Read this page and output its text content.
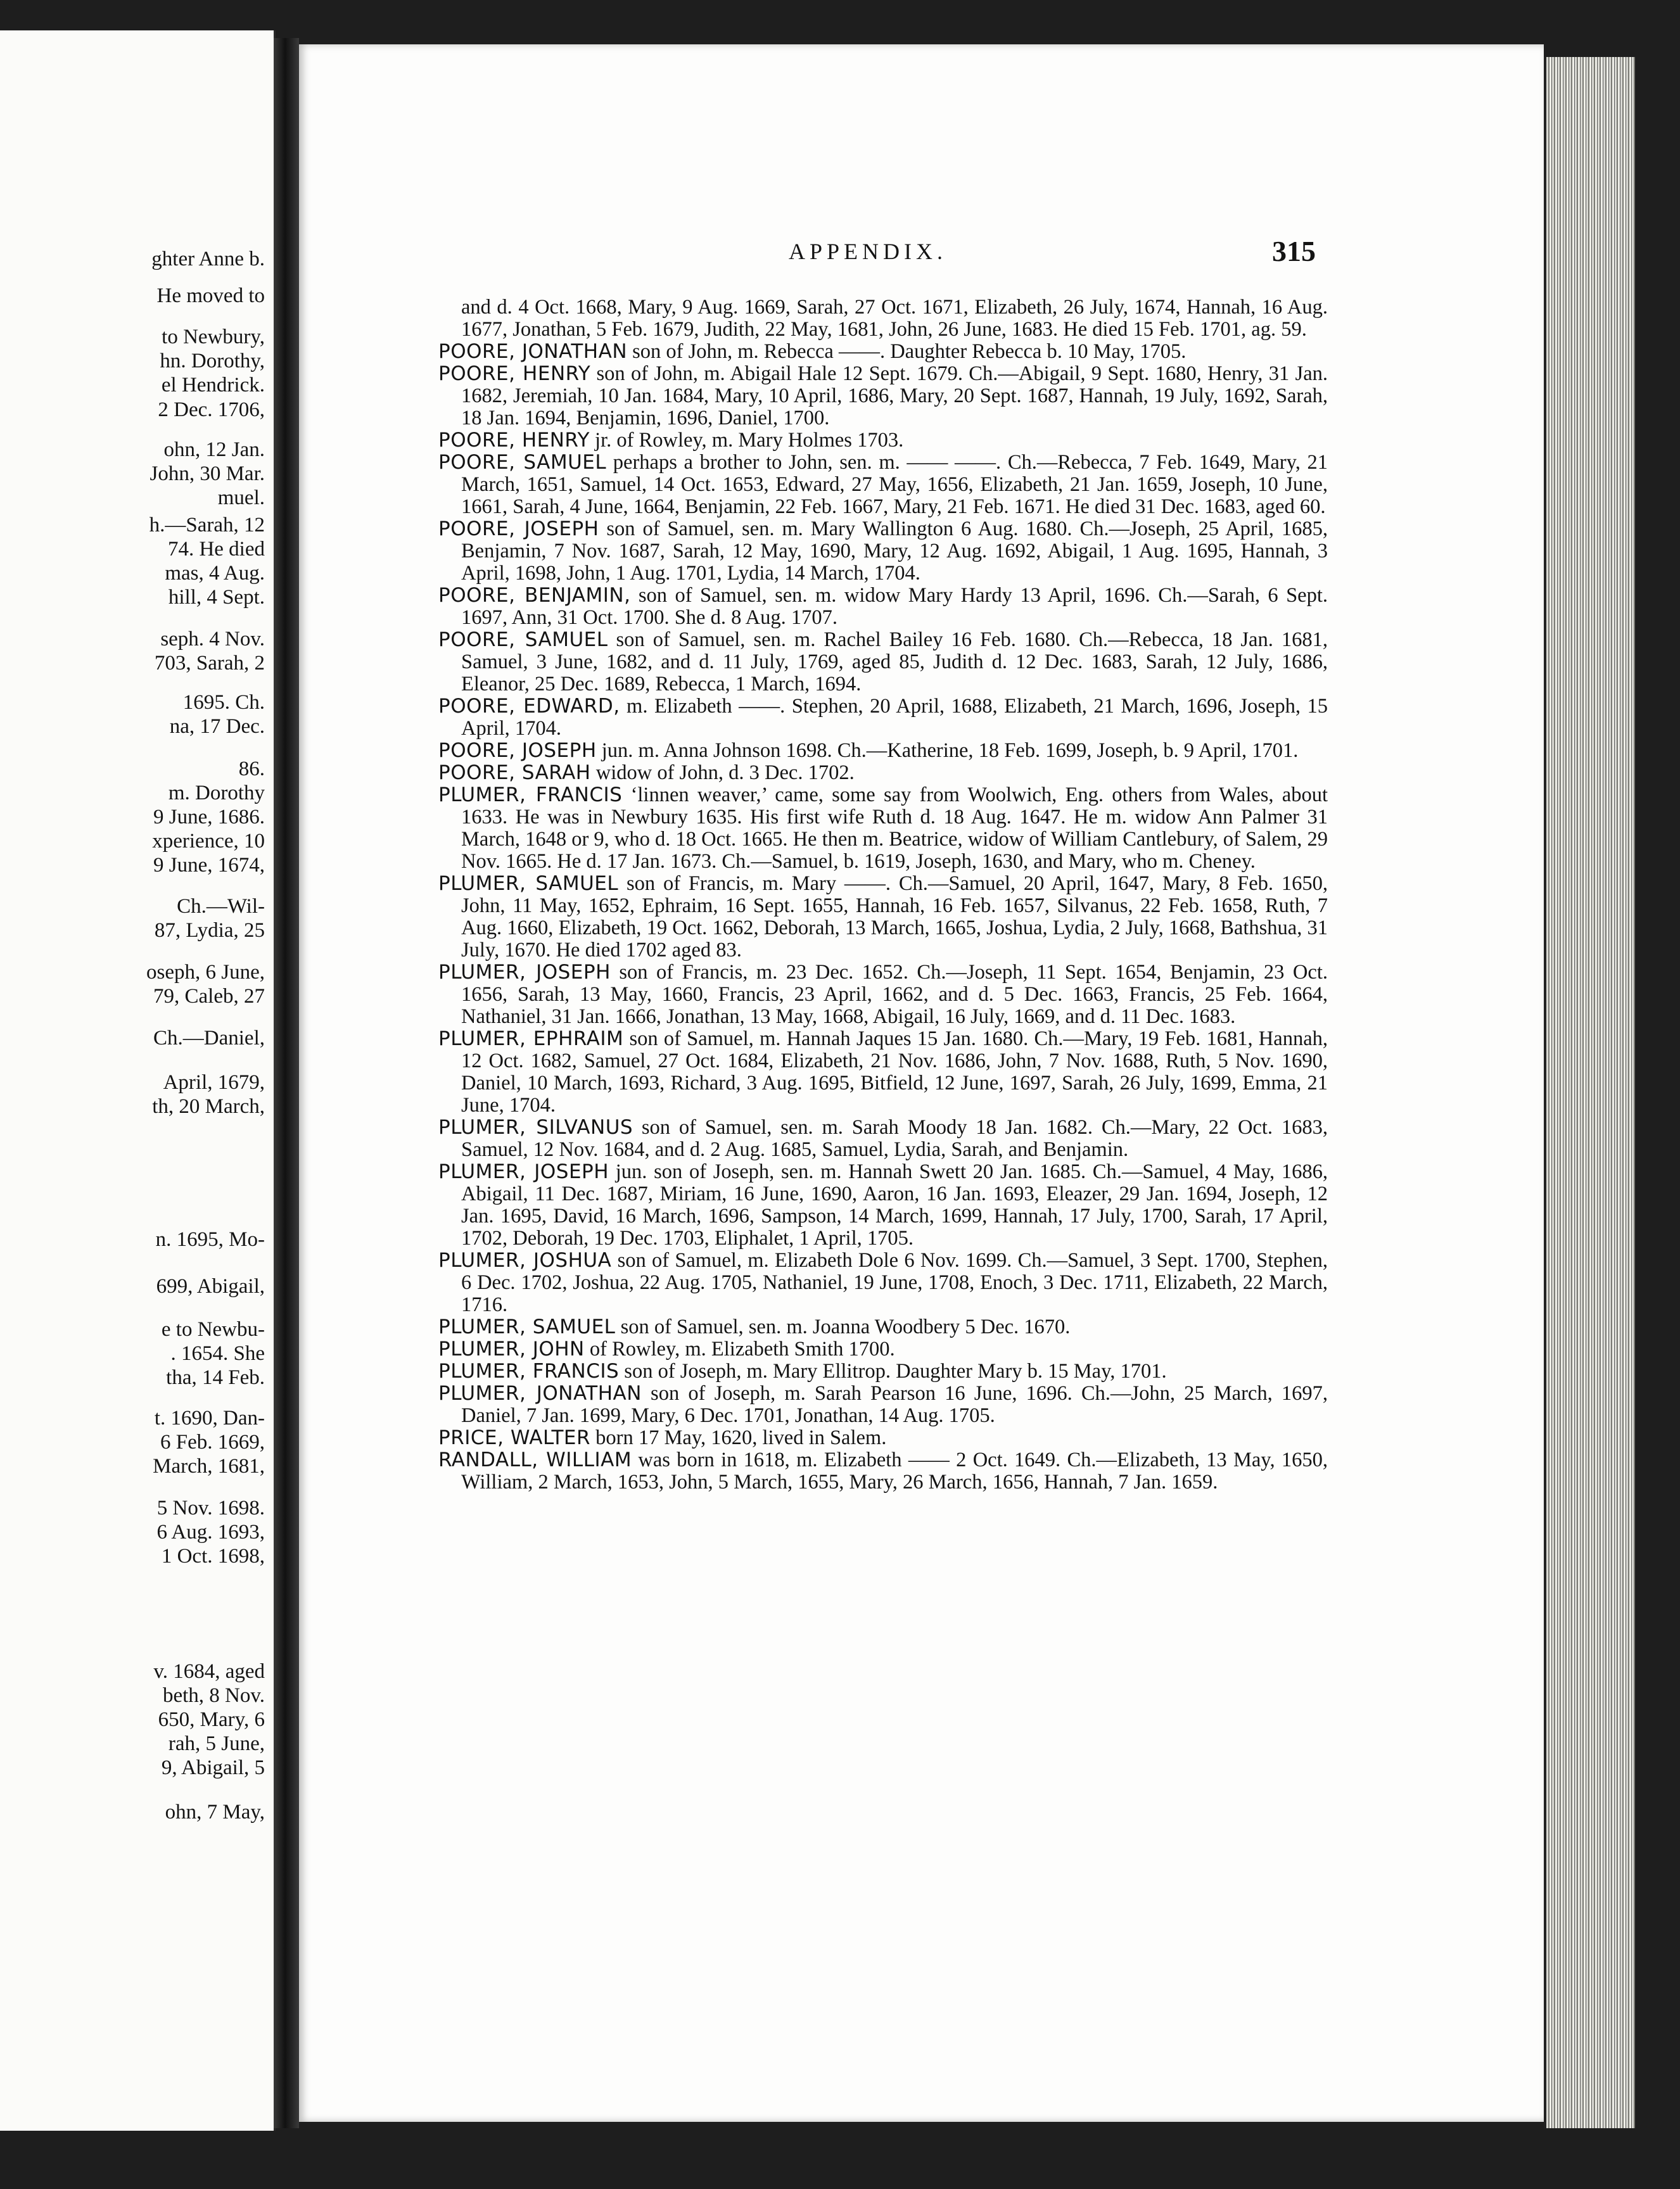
ghter Anne b.
He moved to
to Newbury,
hn. Dorothy,
el Hendrick.
2 Dec. 1706,
ohn, 12 Jan.
John, 30 Mar.
muel.
h.—Sarah, 12
74. He died
mas, 4 Aug.
hill, 4 Sept.
seph. 4 Nov.
703, Sarah, 2
1695. Ch.
na, 17 Dec.
86.
m. Dorothy
9 June, 1686.
xperience, 10
9 June, 1674,
Ch.—Wil-
87, Lydia, 25
oseph, 6 June,
79, Caleb, 27
Ch.—Daniel,
April, 1679,
th, 20 March,
n. 1695, Mo-
699, Abigail,
e to Newbu-
. 1654. She
tha, 14 Feb.
t. 1690, Dan-
6 Feb. 1669,
March, 1681,
5 Nov. 1698.
6 Aug. 1693,
1 Oct. 1698,
v. 1684, aged
beth, 8 Nov.
650, Mary, 6
rah, 5 June,
9, Abigail, 5
ohn, 7 May,
APPENDIX.	315

and d. 4 Oct. 1668, Mary, 9 Aug. 1669, Sarah, 27 Oct. 1671, Elizabeth, 26 July, 1674, Hannah, 16 Aug. 1677, Jonathan, 5 Feb. 1679, Judith, 22 May, 1681, John, 26 June, 1683. He died 15 Feb. 1701, ag. 59.

POORE, JONATHAN son of John, m. Rebecca ——. Daughter Rebecca b. 10 May, 1705.

POORE, HENRY son of John, m. Abigail Hale 12 Sept. 1679. Ch.—Abigail, 9 Sept. 1680, Henry, 31 Jan. 1682, Jeremiah, 10 Jan. 1684, Mary, 10 April, 1686, Mary, 20 Sept. 1687, Hannah, 19 July, 1692, Sarah, 18 Jan. 1694, Benjamin, 1696, Daniel, 1700.

POORE, HENRY jr. of Rowley, m. Mary Holmes 1703.

POORE, SAMUEL perhaps a brother to John, sen. m. —— ——. Ch.—Rebecca, 7 Feb. 1649, Mary, 21 March, 1651, Samuel, 14 Oct. 1653, Edward, 27 May, 1656, Elizabeth, 21 Jan. 1659, Joseph, 10 June, 1661, Sarah, 4 June, 1664, Benjamin, 22 Feb. 1667, Mary, 21 Feb. 1671. He died 31 Dec. 1683, aged 60.

POORE, JOSEPH son of Samuel, sen. m. Mary Wallington 6 Aug. 1680. Ch.—Joseph, 25 April, 1685, Benjamin, 7 Nov. 1687, Sarah, 12 May, 1690, Mary, 12 Aug. 1692, Abigail, 1 Aug. 1695, Hannah, 3 April, 1698, John, 1 Aug. 1701, Lydia, 14 March, 1704.

POORE, BENJAMIN, son of Samuel, sen. m. widow Mary Hardy 13 April, 1696. Ch.—Sarah, 6 Sept. 1697, Ann, 31 Oct. 1700. She d. 8 Aug. 1707.

POORE, SAMUEL son of Samuel, sen. m. Rachel Bailey 16 Feb. 1680. Ch.—Rebecca, 18 Jan. 1681, Samuel, 3 June, 1682, and d. 11 July, 1769, aged 85, Judith d. 12 Dec. 1683, Sarah, 12 July, 1686, Eleanor, 25 Dec. 1689, Rebecca, 1 March, 1694.

POORE, EDWARD, m. Elizabeth ——. Stephen, 20 April, 1688, Elizabeth, 21 March, 1696, Joseph, 15 April, 1704.

POORE, JOSEPH jun. m. Anna Johnson 1698. Ch.—Katherine, 18 Feb. 1699, Joseph, b. 9 April, 1701.

POORE, SARAH widow of John, d. 3 Dec. 1702.

PLUMER, FRANCIS ‘linnen weaver,’ came, some say from Woolwich, Eng. others from Wales, about 1633. He was in Newbury 1635. His first wife Ruth d. 18 Aug. 1647. He m. widow Ann Palmer 31 March, 1648 or 9, who d. 18 Oct. 1665. He then m. Beatrice, widow of William Cantlebury, of Salem, 29 Nov. 1665. He d. 17 Jan. 1673. Ch.—Samuel, b. 1619, Joseph, 1630, and Mary, who m. Cheney.

PLUMER, SAMUEL son of Francis, m. Mary ——. Ch.—Samuel, 20 April, 1647, Mary, 8 Feb. 1650, John, 11 May, 1652, Ephraim, 16 Sept. 1655, Hannah, 16 Feb. 1657, Silvanus, 22 Feb. 1658, Ruth, 7 Aug. 1660, Elizabeth, 19 Oct. 1662, Deborah, 13 March, 1665, Joshua, Lydia, 2 July, 1668, Bathshua, 31 July, 1670. He died 1702 aged 83.

PLUMER, JOSEPH son of Francis, m. 23 Dec. 1652. Ch.—Joseph, 11 Sept. 1654, Benjamin, 23 Oct. 1656, Sarah, 13 May, 1660, Francis, 23 April, 1662, and d. 5 Dec. 1663, Francis, 25 Feb. 1664, Nathaniel, 31 Jan. 1666, Jonathan, 13 May, 1668, Abigail, 16 July, 1669, and d. 11 Dec. 1683.

PLUMER, EPHRAIM son of Samuel, m. Hannah Jaques 15 Jan. 1680. Ch.—Mary, 19 Feb. 1681, Hannah, 12 Oct. 1682, Samuel, 27 Oct. 1684, Elizabeth, 21 Nov. 1686, John, 7 Nov. 1688, Ruth, 5 Nov. 1690, Daniel, 10 March, 1693, Richard, 3 Aug. 1695, Bitfield, 12 June, 1697, Sarah, 26 July, 1699, Emma, 21 June, 1704.

PLUMER, SILVANUS son of Samuel, sen. m. Sarah Moody 18 Jan. 1682. Ch.—Mary, 22 Oct. 1683, Samuel, 12 Nov. 1684, and d. 2 Aug. 1685, Samuel, Lydia, Sarah, and Benjamin.

PLUMER, JOSEPH jun. son of Joseph, sen. m. Hannah Swett 20 Jan. 1685. Ch.—Samuel, 4 May, 1686, Abigail, 11 Dec. 1687, Miriam, 16 June, 1690, Aaron, 16 Jan. 1693, Eleazer, 29 Jan. 1694, Joseph, 12 Jan. 1695, David, 16 March, 1696, Sampson, 14 March, 1699, Hannah, 17 July, 1700, Sarah, 17 April, 1702, Deborah, 19 Dec. 1703, Eliphalet, 1 April, 1705.

PLUMER, JOSHUA son of Samuel, m. Elizabeth Dole 6 Nov. 1699. Ch.—Samuel, 3 Sept. 1700, Stephen, 6 Dec. 1702, Joshua, 22 Aug. 1705, Nathaniel, 19 June, 1708, Enoch, 3 Dec. 1711, Elizabeth, 22 March, 1716.

PLUMER, SAMUEL son of Samuel, sen. m. Joanna Woodbery 5 Dec. 1670.

PLUMER, JOHN of Rowley, m. Elizabeth Smith 1700.

PLUMER, FRANCIS son of Joseph, m. Mary Ellitrop. Daughter Mary b. 15 May, 1701.

PLUMER, JONATHAN son of Joseph, m. Sarah Pearson 16 June, 1696. Ch.—John, 25 March, 1697, Daniel, 7 Jan. 1699, Mary, 6 Dec. 1701, Jonathan, 14 Aug. 1705.

PRICE, WALTER born 17 May, 1620, lived in Salem.

RANDALL, WILLIAM was born in 1618, m. Elizabeth —— 2 Oct. 1649. Ch.—Elizabeth, 13 May, 1650, William, 2 March, 1653, John, 5 March, 1655, Mary, 26 March, 1656, Hannah, 7 Jan. 1659.
